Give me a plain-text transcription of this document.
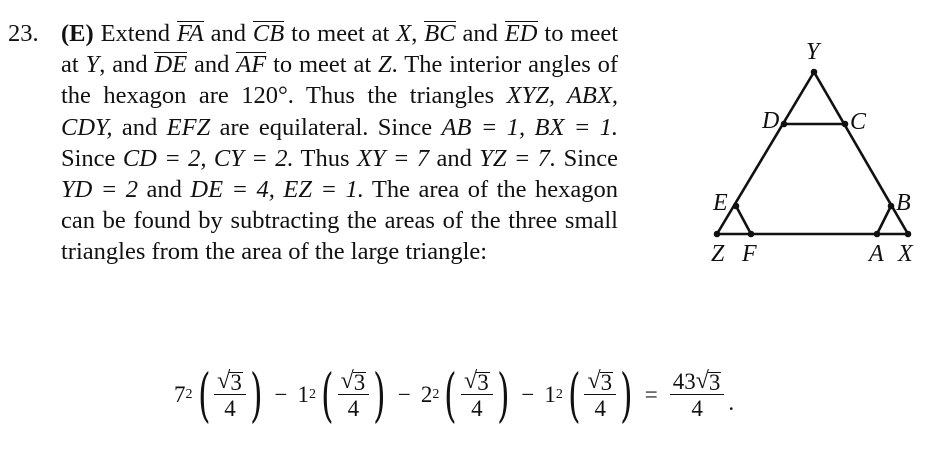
23. (E) Extend FA and CB to meet at X, BC and ED to meet at Y, and DE and AF to meet at Z. The interior angles of the hexagon are 120°. Thus the triangles XYZ, ABX, CDY, and EFZ are equilateral. Since AB = 1, BX = 1. Since CD = 2, CY = 2. Thus XY = 7 and YZ = 7. Since YD = 2 and DE = 4, EZ = 1. The area of the hexagon can be found by subtracting the areas of the three small triangles from the area of the large triangle:
Y
D	C
E	B
Z F	A X
7 2 ( $\frac{√ 3}{4}$ ) − 1 2 ( $\frac{√ 3}{4}$ ) − 2 2 ( $\frac{√ 3}{4}$ ) − 1 2 ( $\frac{√ 3}{4}$ ) = $\frac{43 √ 3}{4}$ .
